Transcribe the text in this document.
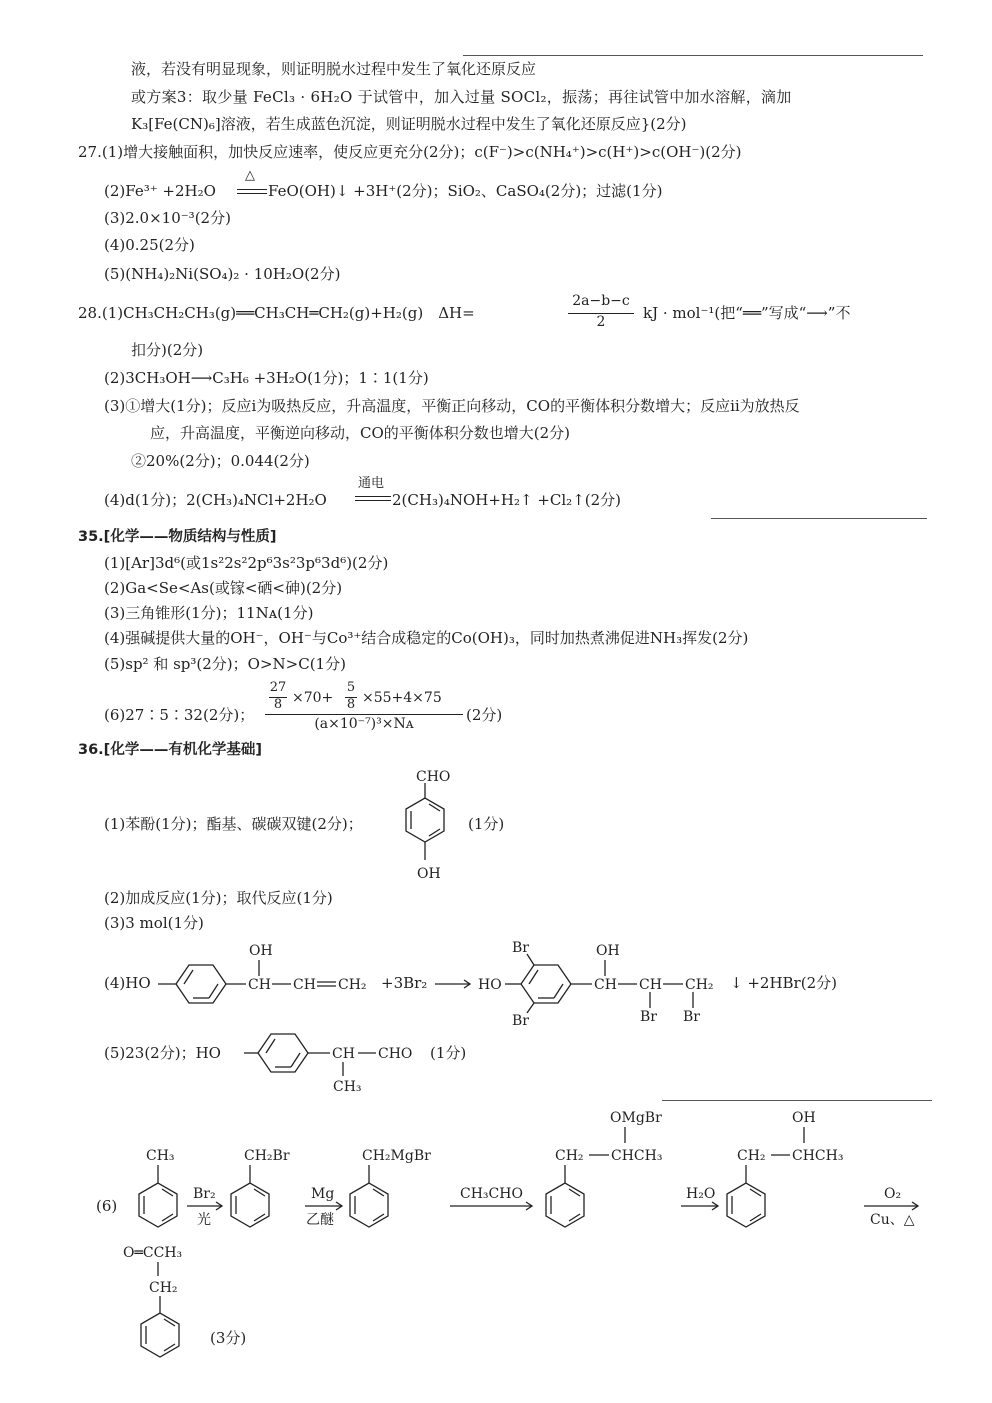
液，若没有明显现象，则证明脱水过程中发生了氧化还原反应
或方案3：取少量 FeCl₃ · 6H₂O 于试管中，加入过量 SOCl₂，振荡；再往试管中加水溶解，滴加
K₃[Fe(CN)₆]溶液，若生成蓝色沉淀，则证明脱水过程中发生了氧化还原反应}(2分)
27.(1)增大接触面积，加快反应速率，使反应更充分(2分)；c(F⁻)>c(NH₄⁺)>c(H⁺)>c(OH⁻)(2分)
(2)Fe³⁺ +2H₂O
△
FeO(OH)↓ +3H⁺(2分)；SiO₂、CaSO₄(2分)；过滤(1分)
(3)2.0×10⁻³(2分)
(4)0.25(2分)
(5)(NH₄)₂Ni(SO₄)₂ · 10H₂O(2分)
28.(1)CH₃CH₂CH₃(g)══CH₃CH═CH₂(g)+H₂(g)　ΔH=
2a−b−c
2	kJ · mol⁻¹(把“══”写成“⟶”不
扣分)(2分)
(2)3CH₃OH⟶C₃H₆ +3H₂O(1分)；1∶1(1分)
(3)①增大(1分)；反应ⅰ为吸热反应，升高温度，平衡正向移动，CO的平衡体积分数增大；反应ⅱ为放热反
应，升高温度，平衡逆向移动，CO的平衡体积分数也增大(2分)
②20%(2分)；0.044(2分)
(4)d(1分)；2(CH₃)₄NCl+2H₂O
通电
2(CH₃)₄NOH+H₂↑ +Cl₂↑(2分)
35.[化学——物质结构与性质]
(1)[Ar]3d⁶(或1s²2s²2p⁶3s²3p⁶3d⁶)(2分)
(2)Ga<Se<As(或镓<硒<砷)(2分)
(3)三角锥形(1分)；11Nᴀ(1分)
(4)强碱提供大量的OH⁻，OH⁻与Co³⁺结合成稳定的Co(OH)₃，同时加热煮沸促进NH₃挥发(2分)
(5)sp² 和 sp³(2分)；O>N>C(1分)
(6)27∶5∶32(2分)；
27
8 ×70+
5
8 ×55+4×75
(a×10⁻⁷)³×Nᴀ	(2分)
36.[化学——有机化学基础]
(1)苯酚(1分)；酯基、碳碳双键(2分)；	(1分)
(2)加成反应(1分)；取代反应(1分)
(3)3 mol(1分)
(4)HO	+3Br₂	↓ +2HBr(2分)
(5)23(2分)；HO	(1分)
(6)
(3分)
CHO
OH
CH
OH
CH CH₂	HO
Br
Br
CH
OH
CH
Br
CH₂
Br
CH CHO
CH₃
CH₃
Br₂
光
CH₂Br
Mg
乙醚
CH₂MgBr
CH₃CHO
OMgBr
CH₂ CHCH₃
H₂O
OH
CH₂ CHCH₃
O₂
Cu、△
O═CCH₃
CH₂
